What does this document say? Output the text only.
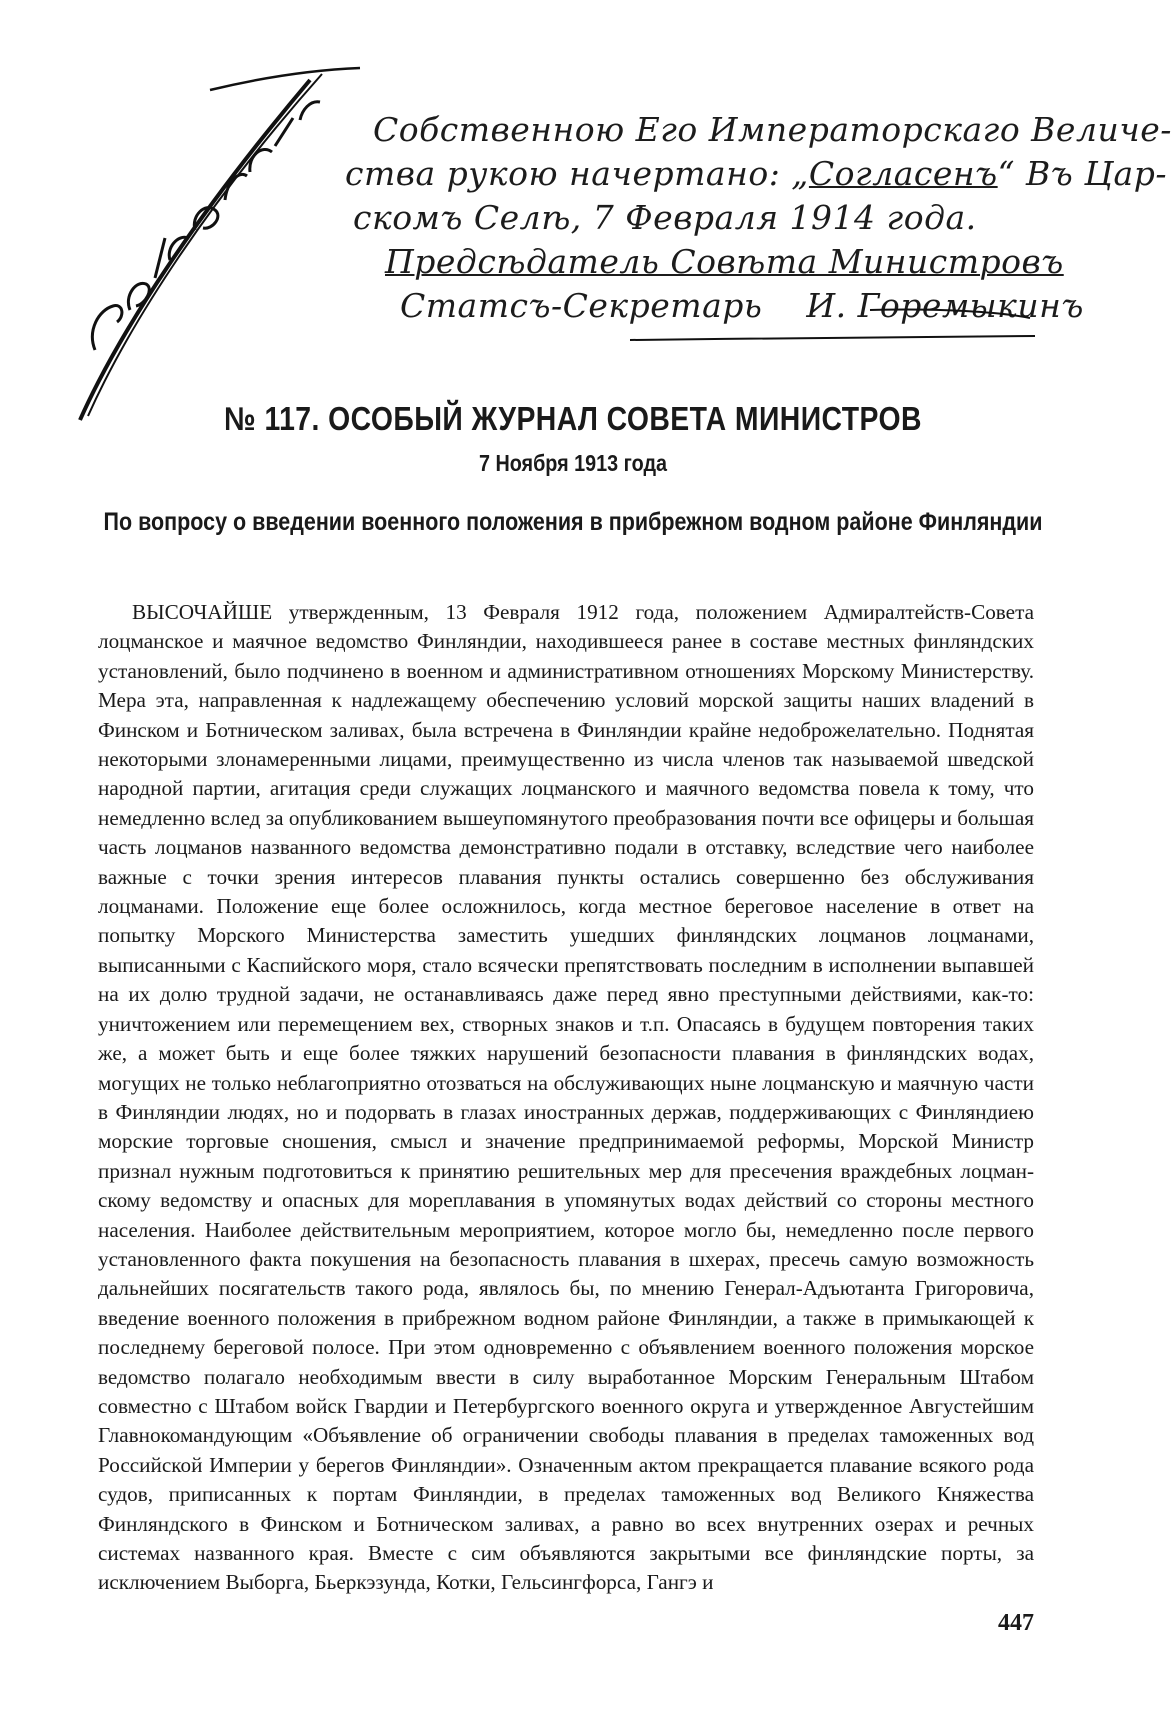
Собственною Его Императорскаго Величе-
ства рукою начертано: „Согласенъ“ Въ Цар-
скомъ Селѣ, 7 Февраля 1914 года.
Предсѣдатель Совѣта Министровъ
Статсъ-Секретарь И. Горемыкинъ
№ 117. ОСОБЫЙ ЖУРНАЛ СОВЕТА МИНИСТРОВ
7 Ноября 1913 года
По вопросу о введении военного положения в прибрежном водном районе Финляндии

ВЫСОЧАЙШЕ утвержденным, 13 Февраля 1912 года, положением Адмиралтейств-Совета лоцманское и маячное ведомство Финляндии, находившееся ранее в составе местных финляндских установлений, было подчинено в военном и административном отношениях Морскому Министерству. Мера эта, направленная к надлежащему обеспечению условий морской защиты наших владений в Финском и Ботническом заливах, была встречена в Финляндии крайне недоброжелательно. Поднятая некоторыми злонамеренными лицами, преимущественно из числа членов так называемой шведской народной партии, агитация среди служащих лоцманского и маячного ведомства повела к тому, что немедленно вслед за опубликованием вышеупомянутого преобразования почти все офицеры и большая часть лоцманов названного ведомства демонстративно подали в отставку, вследствие чего наиболее важные с точки зрения интересов плавания пункты остались совершенно без обслуживания лоцманами. Положение еще более осложнилось, когда местное береговое население в ответ на попытку Морского Министерства заместить ушедших финляндских лоцманов лоцманами, выписанными с Каспийского моря, стало всячески препятствовать последним в исполнении выпавшей на их долю трудной задачи, не останавливаясь даже перед явно преступными действиями, как-то: уничтожением или перемещением вех, створных знаков и т.п. Опасаясь в будущем повторения таких же, а может быть и еще более тяжких нарушений безопасности плавания в финляндских водах, могущих не только неблагоприятно отозваться на обслуживающих ныне лоцманскую и маячную части в Финляндии людях, но и подорвать в глазах иностранных держав, поддерживающих с Финляндиею морские торговые сношения, смысл и значение предпринимаемой реформы, Морской Министр признал нужным подготовиться к принятию решительных мер для пресечения враждебных лоцманскому ведомству и опасных для мореплавания в упомянутых водах действий со стороны местного населения. Наиболее действительным мероприятием, которое могло бы, немедленно после первого установленного факта покушения на безопасность плавания в шхерах, пресечь самую возможность дальнейших посягательств такого рода, являлось бы, по мнению Генерал-Адъютанта Григоровича, введение военного положения в прибрежном водном районе Финляндии, а также в примыкающей к последнему береговой полосе. При этом одновременно с объявлением военного положения морское ведомство полагало необходимым ввести в силу выработанное Морским Генеральным Штабом совместно с Штабом войск Гвардии и Петербургского военного округа и утвержденное Августейшим Главнокомандующим «Объявление об ограничении свободы плавания в пределах таможенных вод Российской Империи у берегов Финляндии». Означенным актом прекращается плавание всякого рода судов, приписанных к портам Финляндии, в пределах таможенных вод Великого Княжества Финляндского в Финском и Ботническом заливах, а равно во всех внутренних озерах и речных системах названного края. Вместе с сим объявляются закрытыми все финляндские порты, за исключением Выборга, Бьеркэзунда, Котки, Гельсингфорса, Гангэ и

447
